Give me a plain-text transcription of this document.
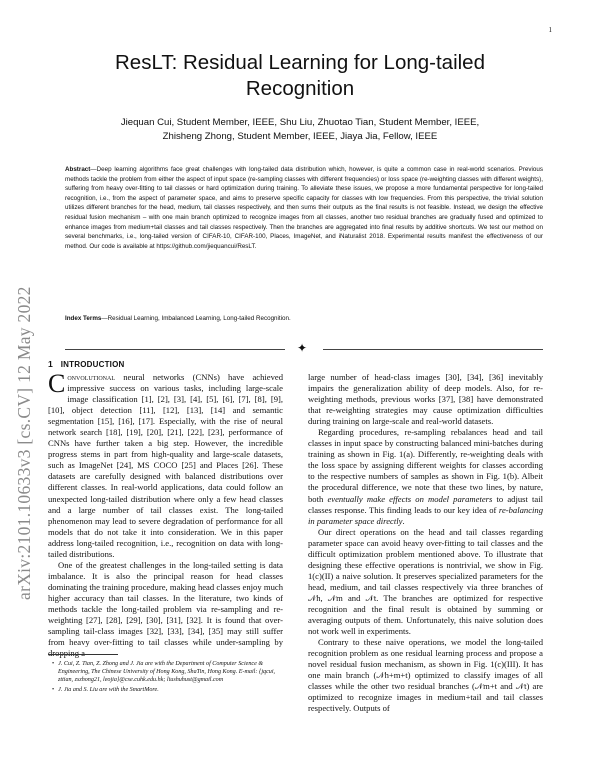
1
arXiv:2101.10633v3 [cs.CV] 12 May 2022
ResLT: Residual Learning for Long-tailed
Recognition
Jiequan Cui, Student Member, IEEE, Shu Liu, Zhuotao Tian, Student Member, IEEE,
Zhisheng Zhong, Student Member, IEEE, Jiaya Jia, Fellow, IEEE
Abstract—Deep learning algorithms face great challenges with long-tailed data distribution which, however, is quite a common case in real-world scenarios. Previous methods tackle the problem from either the aspect of input space (re-sampling classes with different frequencies) or loss space (re-weighting classes with different weights), suffering from heavy over-fitting to tail classes or hard optimization during training. To alleviate these issues, we propose a more fundamental perspective for long-tailed recognition, i.e., from the aspect of parameter space, and aims to preserve specific capacity for classes with low frequencies. From this perspective, the trivial solution utilizes different branches for the head, medium, tail classes respectively, and then sums their outputs as the final results is not feasible. Instead, we design the effective residual fusion mechanism – with one main branch optimized to recognize images from all classes, another two residual branches are gradually fused and optimized to enhance images from medium+tail classes and tail classes respectively. Then the branches are aggregated into final results by additive shortcuts. We test our method on several benchmarks, i.e., long-tailed version of CIFAR-10, CIFAR-100, Places, ImageNet, and iNaturalist 2018. Experimental results manifest the effectiveness of our method. Our code is available at https://github.com/jiequancui/ResLT.
Index Terms—Residual Learning, Imbalanced Learning, Long-tailed Recognition.
✦
1 INTRODUCTION

Convolutional neural networks (CNNs) have achieved impressive success on various tasks, including large-scale image classification [1], [2], [3], [4], [5], [6], [7], [8], [9], [10], object detection [11], [12], [13], [14] and semantic segmentation [15], [16], [17]. Especially, with the rise of neural network search [18], [19], [20], [21], [22], [23], performance of CNNs have further taken a big step. However, the incredible progress stems in part from high-quality and large-scale datasets, such as ImageNet [24], MS COCO [25] and Places [26]. These datasets are carefully designed with balanced distributions over different classes. In real-world applications, data could follow an unexpected long-tailed distribution where only a few head classes and a large number of tail classes exist. The long-tailed phenomenon may lead to severe degradation of performance for all models that do not take it into consideration. We in this paper address long-tailed recognition, i.e., recognition on data with long-tailed distributions.

One of the greatest challenges in the long-tailed setting is data imbalance. It is also the principal reason for head classes dominating the training procedure, making head classes enjoy much higher accuracy than tail classes. In the literature, two kinds of methods tackle the long-tailed problem via re-sampling and re-weighting [27], [28], [29], [30], [31], [32]. It is found that over-sampling tail-class images [32], [33], [34], [35] may still suffer from heavy over-fitting to tail classes while under-sampling by

large number of head-class images [30], [34], [36] inevitably impairs the generalization ability of deep models. Also, for re-weighting methods, previous works [37], [38] have demonstrated that re-weighting strategies may cause optimization difficulties during training on large-scale and real-world datasets.

Regarding procedures, re-sampling rebalances head and tail classes in input space by constructing balanced mini-batches during training as shown in Fig. 1(a). Differently, re-weighting deals with the loss space by assigning different weights for classes according to the respective numbers of samples as shown in Fig. 1(b). Albeit the procedural difference, we note that these two lines, by nature, both eventually make effects on model parameters to adjust tail classes response. This finding leads to our key idea of re-balancing in parameter space directly.

Our direct operations on the head and tail classes regarding parameter space can avoid heavy over-fitting to tail classes and the difficult optimization problem mentioned above. To illustrate that designing these effective operations is nontrivial, we show in Fig. 1(c)(II) a naive solution. It preserves specialized parameters for the head, medium, and tail classes respectively via three branches of 𝒩h, 𝒩m and 𝒩t. The branches are optimized for respective recognition and the final result is obtained by summing or averaging outputs of them. Unfortunately, this naive solution does not work well in experiments.

Contrary to these naive operations, we model the long-tailed recognition problem as one residual learning process and propose a novel residual fusion mechanism, as shown in Fig. 1(c)(III). It has one main branch (𝒩h+m+t) optimized to classify images of all classes while the other two residual branches (𝒩m+t and 𝒩t) are optimized to recognize images in medium+tail and tail classes respectively. Outputs of

• J. Cui, Z. Tian, Z. Zhong and J. Jia are with the Department of Computer Science & Engineering, The Chinese University of Hong Kong, ShaTin, Hong Kong. E-mail: {jqcui, zttian, zszhong21, leojia}@cse.cuhk.edu.hk; liushuhust@gmail.com
• J. Jia and S. Liu are with the SmartMore.
